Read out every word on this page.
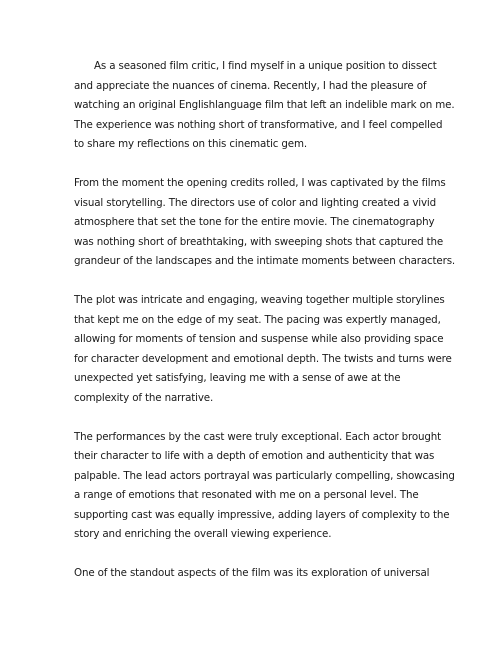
As a seasoned film critic, I find myself in a unique position to dissect
and appreciate the nuances of cinema. Recently, I had the pleasure of
watching an original Englishlanguage film that left an indelible mark on me.
The experience was nothing short of transformative, and I feel compelled
to share my reflections on this cinematic gem.

From the moment the opening credits rolled, I was captivated by the films
visual storytelling. The directors use of color and lighting created a vivid
atmosphere that set the tone for the entire movie. The cinematography
was nothing short of breathtaking, with sweeping shots that captured the
grandeur of the landscapes and the intimate moments between characters.

The plot was intricate and engaging, weaving together multiple storylines
that kept me on the edge of my seat. The pacing was expertly managed,
allowing for moments of tension and suspense while also providing space
for character development and emotional depth. The twists and turns were
unexpected yet satisfying, leaving me with a sense of awe at the
complexity of the narrative.

The performances by the cast were truly exceptional. Each actor brought
their character to life with a depth of emotion and authenticity that was
palpable. The lead actors portrayal was particularly compelling, showcasing
a range of emotions that resonated with me on a personal level. The
supporting cast was equally impressive, adding layers of complexity to the
story and enriching the overall viewing experience.

One of the standout aspects of the film was its exploration of universal
